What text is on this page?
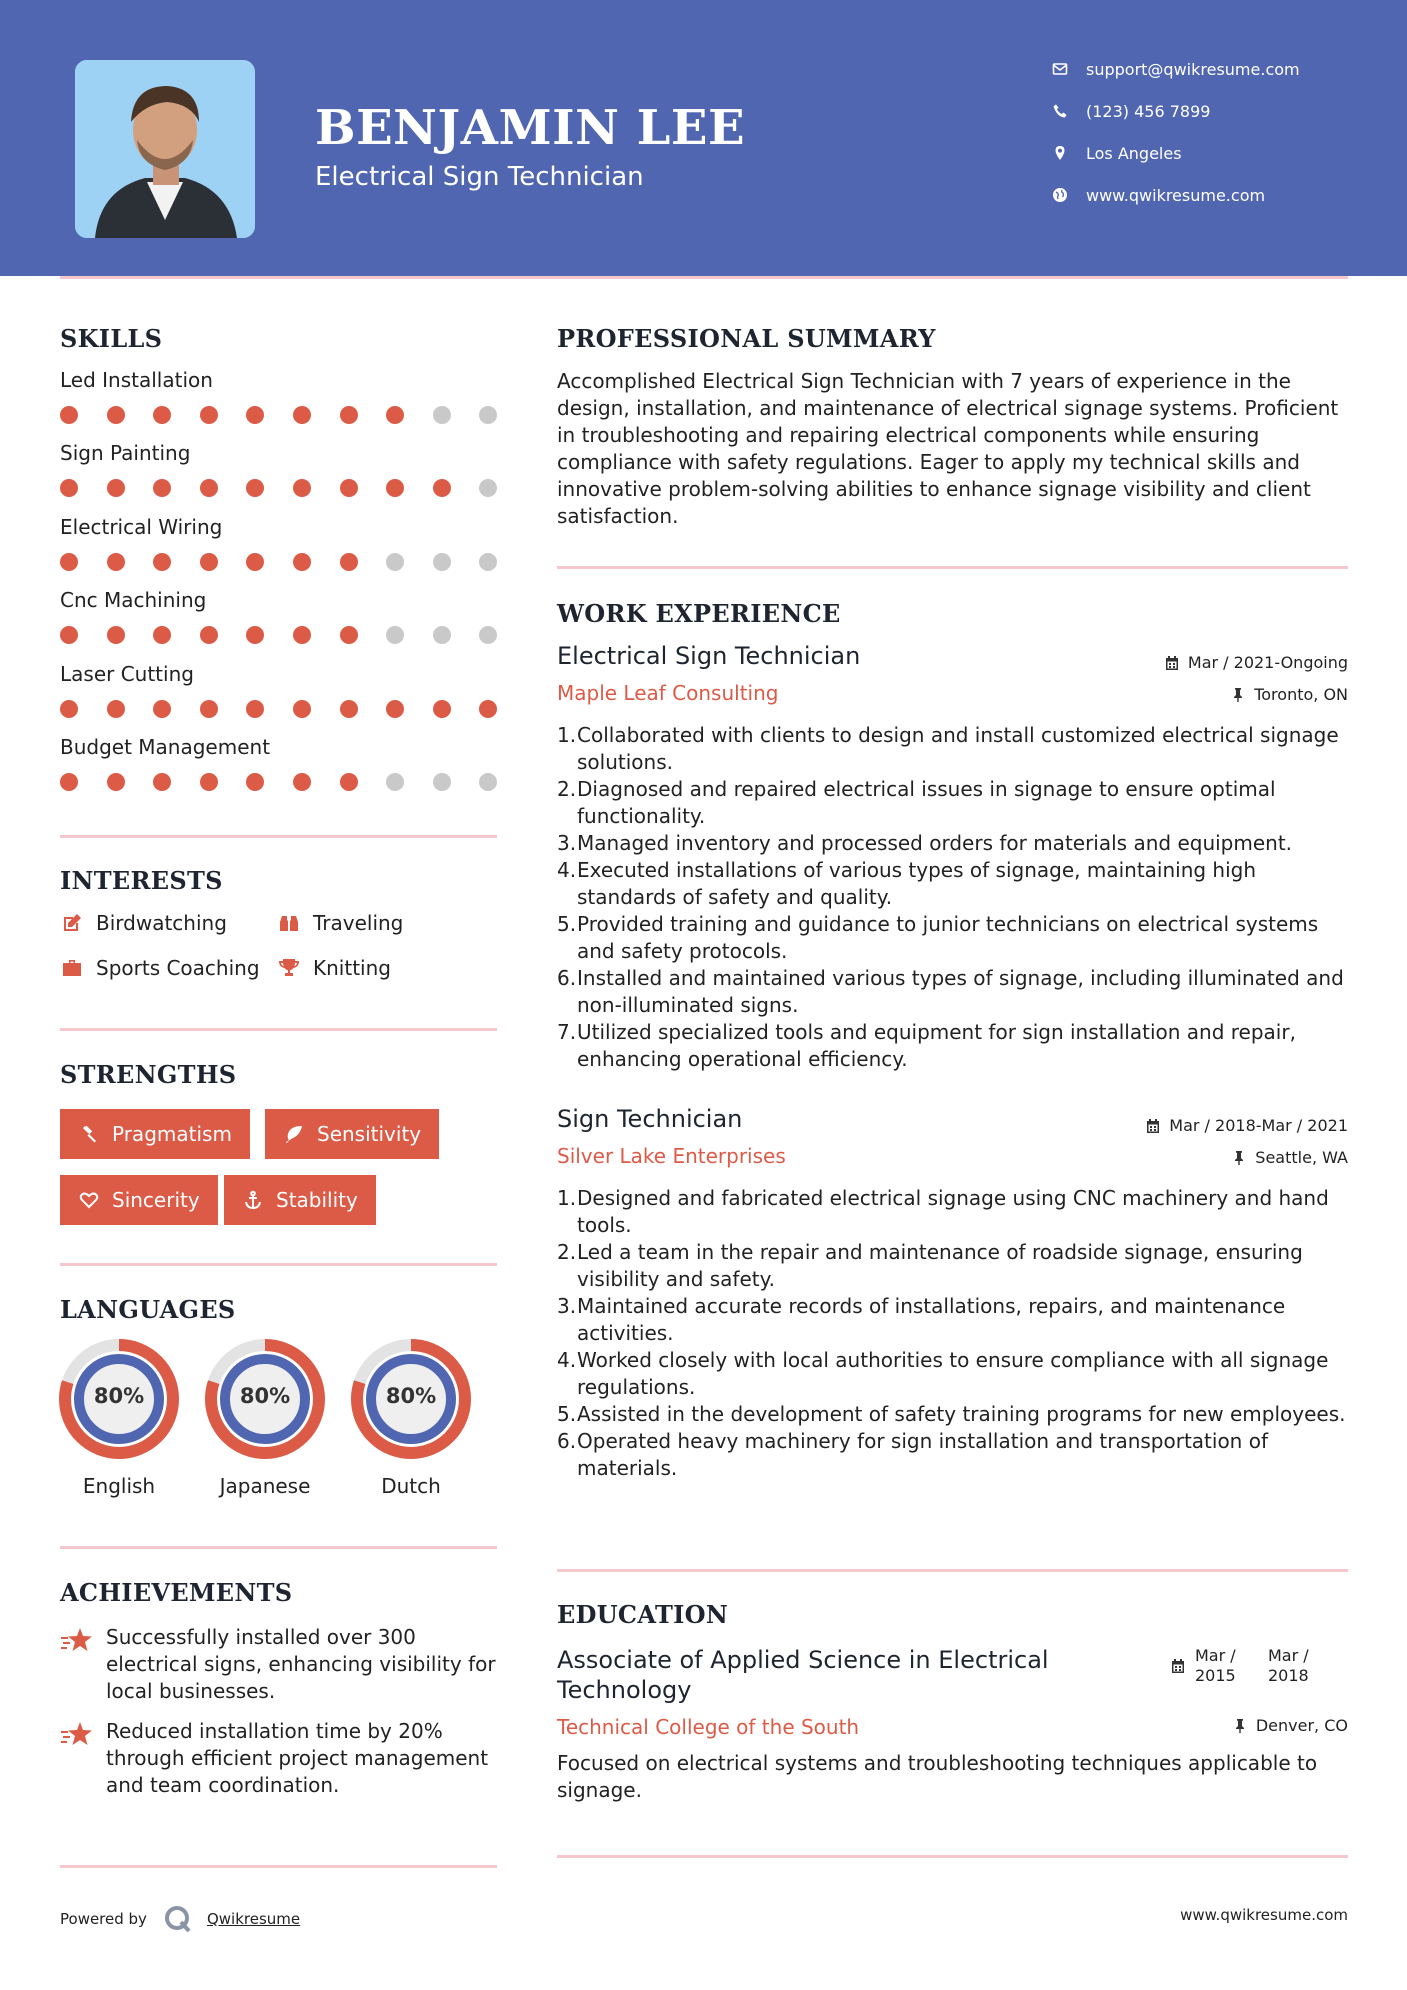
BENJAMIN LEE
Electrical Sign Technician
support@qwikresume.com
(123) 456 7899
Los Angeles
www.qwikresume.com
SKILLS
Led Installation
Sign Painting
Electrical Wiring
Cnc Machining
Laser Cutting
Budget Management
INTERESTS
Birdwatching	Traveling
Sports Coaching	Knitting
STRENGTHS
Pragmatism	Sensitivity
Sincerity	Stability
LANGUAGES
80%
English
80%
Japanese
80%
Dutch
ACHIEVEMENTS
Successfully installed over 300 electrical signs, enhancing visibility for local businesses.
Reduced installation time by 20% through efficient project management and team coordination.
PROFESSIONAL SUMMARY
Accomplished Electrical Sign Technician with 7 years of experience in the design, installation, and maintenance of electrical signage systems. Proficient in troubleshooting and repairing electrical components while ensuring compliance with safety regulations. Eager to apply my technical skills and innovative problem-solving abilities to enhance signage visibility and client satisfaction.
WORK EXPERIENCE
Electrical Sign Technician	Mar / 2021-Ongoing
Maple Leaf Consulting	Toronto, ON
1. Collaborated with clients to design and install customized electrical signage solutions.
2. Diagnosed and repaired electrical issues in signage to ensure optimal functionality.
3. Managed inventory and processed orders for materials and equipment.
4. Executed installations of various types of signage, maintaining high standards of safety and quality.
5. Provided training and guidance to junior technicians on electrical systems and safety protocols.
6. Installed and maintained various types of signage, including illuminated and non-illuminated signs.
7. Utilized specialized tools and equipment for sign installation and repair, enhancing operational efficiency.
Sign Technician	Mar / 2018-Mar / 2021
Silver Lake Enterprises	Seattle, WA
1. Designed and fabricated electrical signage using CNC machinery and hand tools.
2. Led a team in the repair and maintenance of roadside signage, ensuring visibility and safety.
3. Maintained accurate records of installations, repairs, and maintenance activities.
4. Worked closely with local authorities to ensure compliance with all signage regulations.
5. Assisted in the development of safety training programs for new employees.
6. Operated heavy machinery for sign installation and transportation of materials.
EDUCATION
Associate of Applied Science in Electrical
Technology
Mar /
2015
Mar /
2018
Technical College of the South	Denver, CO
Focused on electrical systems and troubleshooting techniques applicable to signage.
Powered by	Qwikresume	www.qwikresume.com
